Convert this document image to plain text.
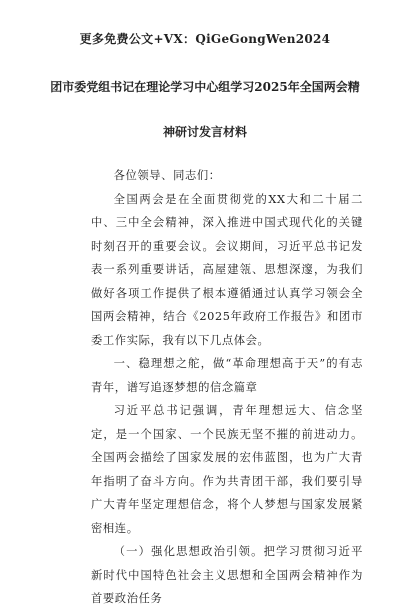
更多免费公文+VX：QiGeGongWen2024
团市委党组书记在理论学习中心组学习2025年全国两会精
神研讨发言材料

各位领导、同志们：

全国两会是在全面贯彻党的XX大和二十届二中、三中全会精神，深入推进中国式现代化的关键时刻召开的重要会议。会议期间，习近平总书记发表一系列重要讲话，高屋建瓴、思想深邃，为我们做好各项工作提供了根本遵循通过认真学习领会全国两会精神，结合《2025年政府工作报告》和团市委工作实际，我有以下几点体会。

一、稳理想之舵，做“革命理想高于天”的有志青年，谱写追逐梦想的信念篇章

习近平总书记强调，青年理想远大、信念坚定，是一个国家、一个民族无坚不摧的前进动力。全国两会描绘了国家发展的宏伟蓝图，也为广大青年指明了奋斗方向。作为共青团干部，我们要引导广大青年坚定理想信念，将个人梦想与国家发展紧密相连。

（一）强化思想政治引领。把学习贯彻习近平新时代中国特色社会主义思想和全国两会精神作为首要政治任务
